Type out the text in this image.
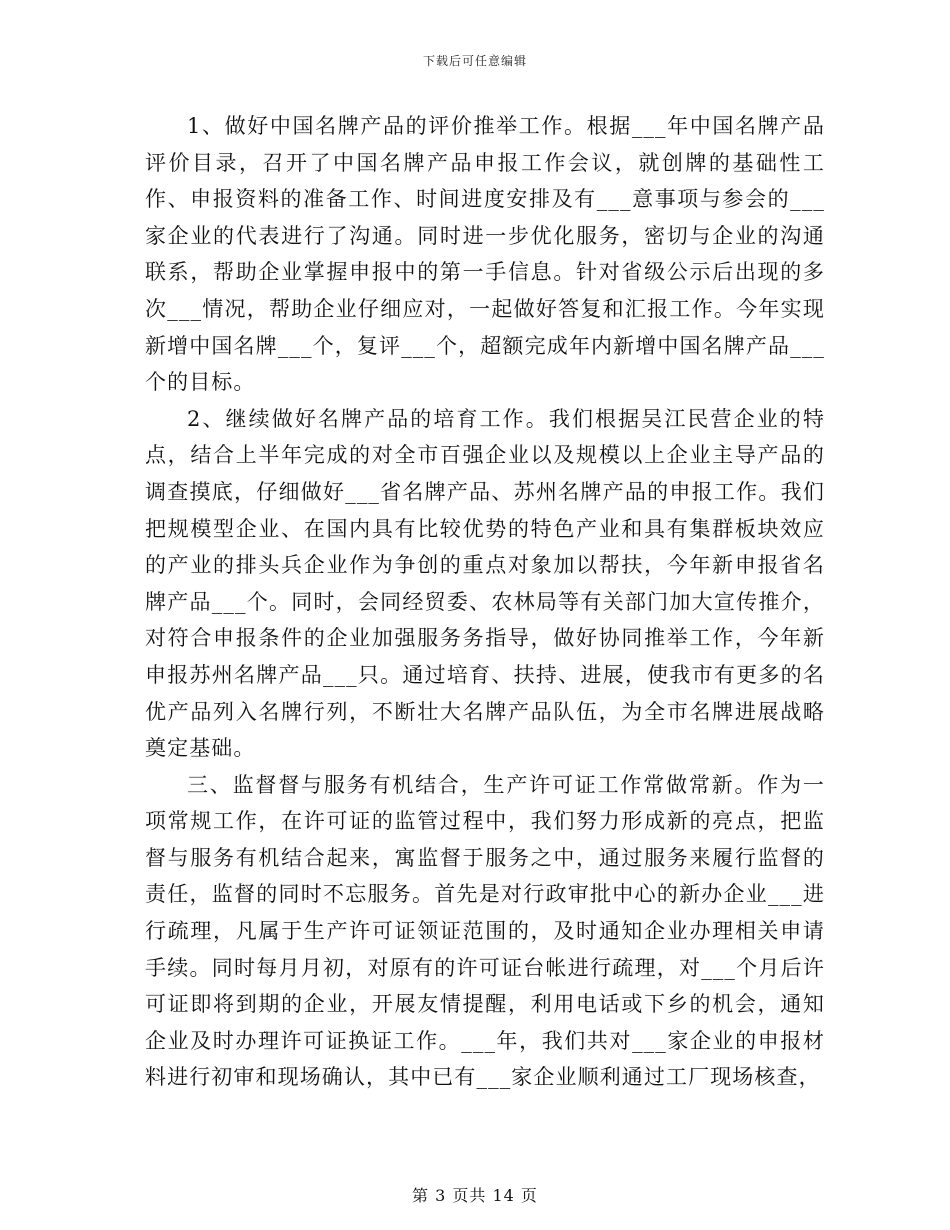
下载后可任意编辑

1、做好中国名牌产品的评价推举工作。根据___年中国名牌产品评价目录，召开了中国名牌产品申报工作会议，就创牌的基础性工作、申报资料的准备工作、时间进度安排及有___意事项与参会的___家企业的代表进行了沟通。同时进一步优化服务，密切与企业的沟通联系，帮助企业掌握申报中的第一手信息。针对省级公示后出现的多次___情况，帮助企业仔细应对，一起做好答复和汇报工作。今年实现新增中国名牌___个，复评___个，超额完成年内新增中国名牌产品___个的目标。

2、继续做好名牌产品的培育工作。我们根据吴江民营企业的特点，结合上半年完成的对全市百强企业以及规模以上企业主导产品的调查摸底，仔细做好___省名牌产品、苏州名牌产品的申报工作。我们把规模型企业、在国内具有比较优势的特色产业和具有集群板块效应的产业的排头兵企业作为争创的重点对象加以帮扶，今年新申报省名牌产品___个。同时，会同经贸委、农林局等有关部门加大宣传推介，对符合申报条件的企业加强服务务指导，做好协同推举工作，今年新申报苏州名牌产品___只。通过培育、扶持、进展，使我市有更多的名优产品列入名牌行列，不断壮大名牌产品队伍，为全市名牌进展战略奠定基础。

三、监督督与服务有机结合，生产许可证工作常做常新。作为一项常规工作，在许可证的监管过程中，我们努力形成新的亮点，把监督与服务有机结合起来，寓监督于服务之中，通过服务来履行监督的责任，监督的同时不忘服务。首先是对行政审批中心的新办企业___进行疏理，凡属于生产许可证领证范围的，及时通知企业办理相关申请手续。同时每月月初，对原有的许可证台帐进行疏理，对___个月后许可证即将到期的企业，开展友情提醒，利用电话或下乡的机会，通知企业及时办理许可证换证工作。___年，我们共对___家企业的申报材料进行初审和现场确认，其中已有___家企业顺利通过工厂现场核查，

第 3 页共 14 页
